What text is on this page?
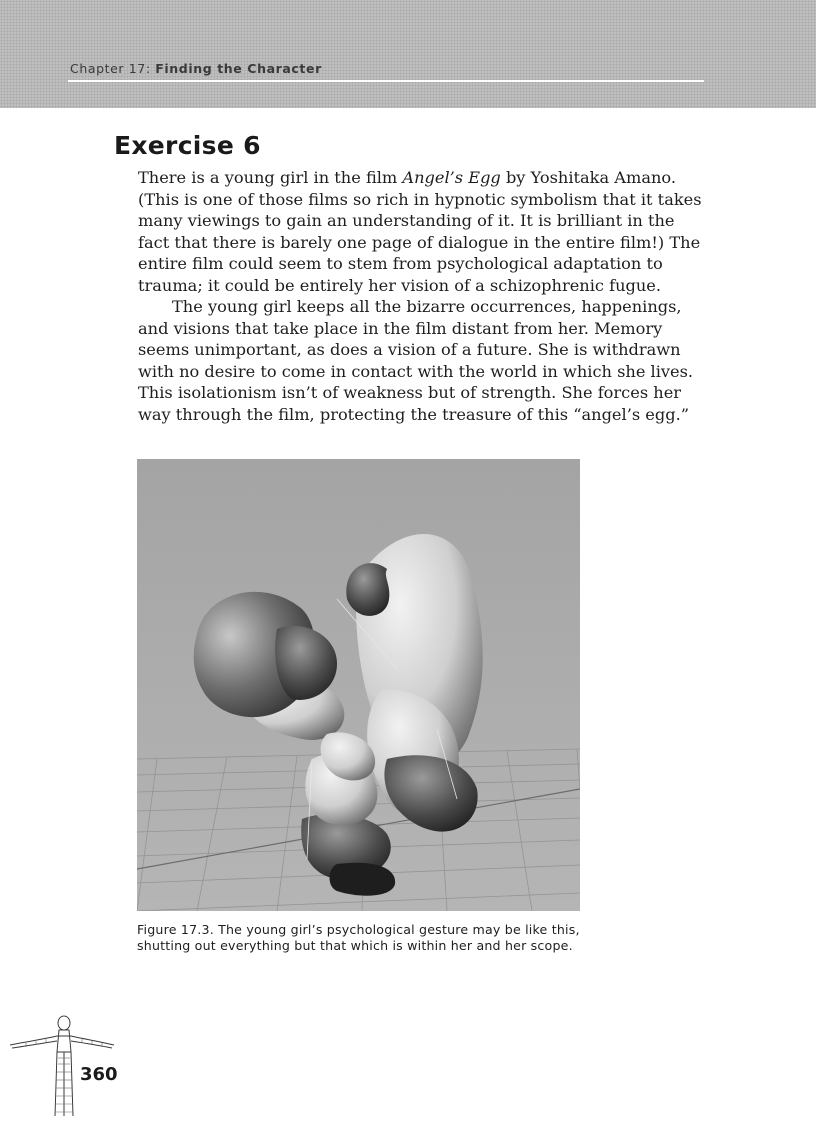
Chapter 17: Finding the Character
Exercise 6

There is a young girl in the film Angel’s Egg by Yoshitaka Amano. (This is one of those films so rich in hypnotic symbolism that it takes many viewings to gain an understanding of it. It is brilliant in the fact that there is barely one page of dialogue in the entire film!) The entire film could seem to stem from psychological adaptation to trauma; it could be entirely her vision of a schizophrenic fugue.

The young girl keeps all the bizarre occurrences, happenings, and visions that take place in the film distant from her. Memory seems unimportant, as does a vision of a future. She is withdrawn with no desire to come in contact with the world in which she lives. This isolationism isn’t of weakness but of strength. She forces her way through the film, protecting the treasure of this “angel’s egg.”

Figure 17.3. The young girl’s psychological gesture may be like this, shutting out everything but that which is within her and her scope.
360
